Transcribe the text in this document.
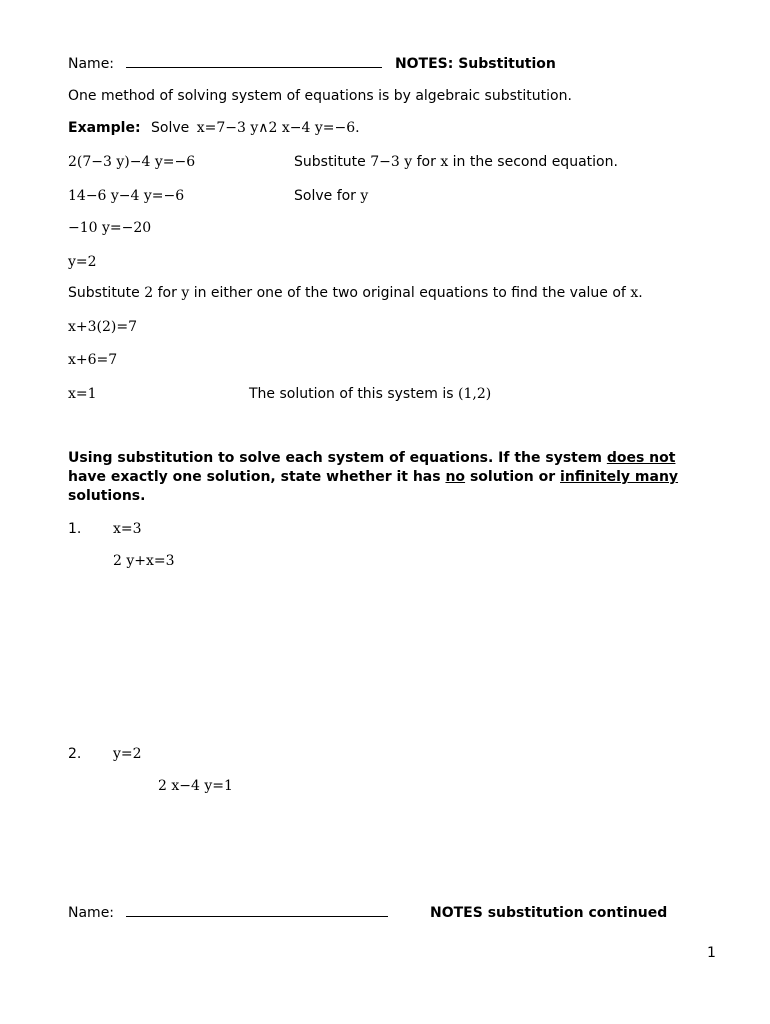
Name:	NOTES: Substitution
One method of solving system of equations is by algebraic substitution.
Example: Solve x=7−3 y∧2 x−4 y=−6.
2(7−3 y)−4 y=−6	Substitute 7−3 y for x in the second equation.
14−6 y−4 y=−6	Solve for y
−10 y=−20
y=2
Substitute 2 for y in either one of the two original equations to find the value of x.
x+3(2)=7
x+6=7
x=1	The solution of this system is (1,2)
Using substitution to solve each system of equations. If the system does not have exactly one solution, state whether it has no solution or infinitely many solutions.
1. x=3
2 y+x=3
2. y=2
2 x−4 y=1
Name:	NOTES substitution continued
1
